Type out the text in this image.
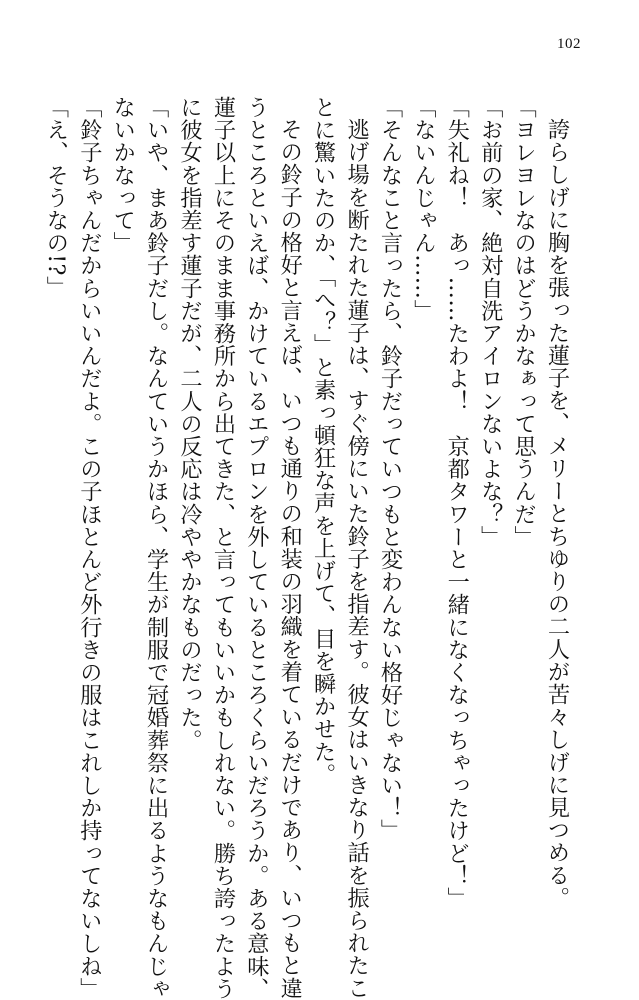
102
誇らしげに胸を張った蓮子を、メリーとちゆりの二人が苦々しげに見つめる。
「ヨレヨレなのはどうかなぁって思うんだ」
「お前の家、絶対自洗アイロンないよな？」
「失礼ね！　あっ……たわよ！　京都タワーと一緒になくなっちゃったけど！」
「ないんじゃん……」
「そんなこと言ったら、鈴子だっていつもと変わんない格好じゃない！」
逃げ場を断たれた蓮子は、すぐ傍にいた鈴子を指差す。彼女はいきなり話を振られたこ
とに驚いたのか、「へ？」と素っ頓狂な声を上げて、目を瞬かせた。
その鈴子の格好と言えば、いつも通りの和装の羽織を着ているだけであり、いつもと違
うところといえば、かけているエプロンを外しているところくらいだろうか。ある意味、
蓮子以上にそのまま事務所から出てきた、と言ってもいいかもしれない。勝ち誇ったよう
に彼女を指差す蓮子だが、二人の反応は冷ややかなものだった。
「いや、まあ鈴子だし。なんていうかほら、学生が制服で冠婚葬祭に出るようなもんじゃ
ないかなって」
「鈴子ちゃんだからいいんだよ。この子ほとんど外行きの服はこれしか持ってないしね」
「え、そうなの!?」
